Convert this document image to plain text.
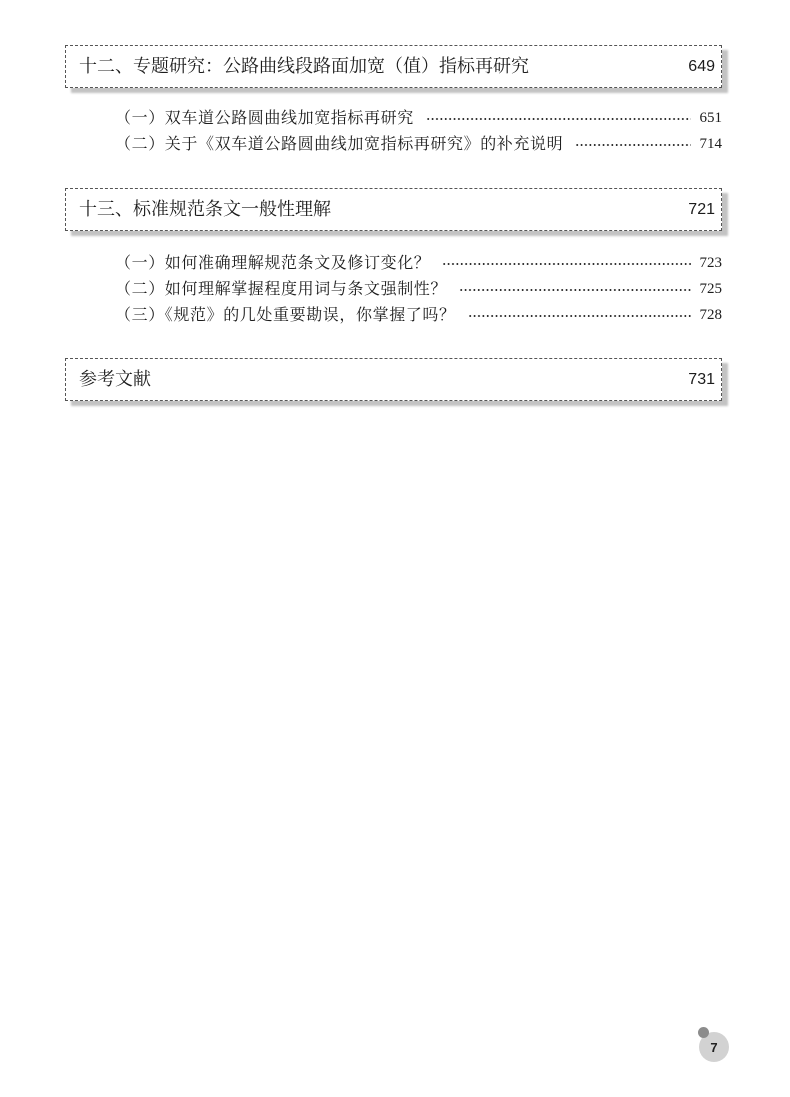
十二、专题研究：公路曲线段路面加宽（值）指标再研究	649
（一）双车道公路圆曲线加宽指标再研究	651
（二）关于《双车道公路圆曲线加宽指标再研究》的补充说明	714
十三、标准规范条文一般性理解	721
（一）如何准确理解规范条文及修订变化？	723
（二）如何理解掌握程度用词与条文强制性？	725
（三）《规范》的几处重要勘误，你掌握了吗？	728
参考文献	731
7
